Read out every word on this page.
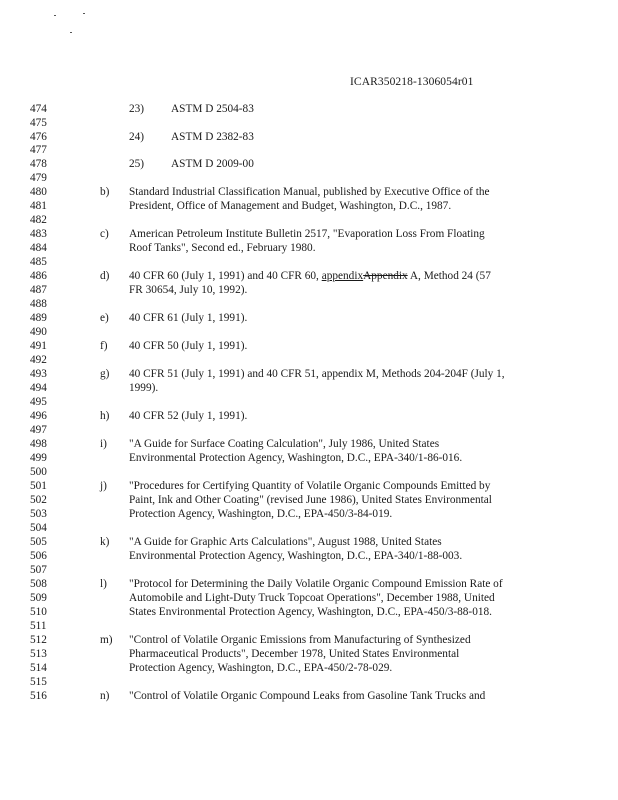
ICAR350218-1306054r01
474
475
476
477
478
479
480
481
482
483
484
485
486
487
488
489
490
491
492
493
494
495
496
497
498
499
500
501
502
503
504
505
506
507
508
509
510
511
512
513
514
515
516
23) ASTM D 2504-83
24) ASTM D 2382-83
25) ASTM D 2009-00
b) Standard Industrial Classification Manual, published by Executive Office of the
President, Office of Management and Budget, Washington, D.C., 1987.
c) American Petroleum Institute Bulletin 2517, "Evaporation Loss From Floating
Roof Tanks", Second ed., February 1980.
d) 40 CFR 60 (July 1, 1991) and 40 CFR 60, appendixAppendix A, Method 24 (57
FR 30654, July 10, 1992).
e) 40 CFR 61 (July 1, 1991).
f) 40 CFR 50 (July 1, 1991).
g) 40 CFR 51 (July 1, 1991) and 40 CFR 51, appendix M, Methods 204-204F (July 1,
1999).
h) 40 CFR 52 (July 1, 1991).
i) "A Guide for Surface Coating Calculation", July 1986, United States
Environmental Protection Agency, Washington, D.C., EPA-340/1-86-016.
j) "Procedures for Certifying Quantity of Volatile Organic Compounds Emitted by
Paint, Ink and Other Coating" (revised June 1986), United States Environmental
Protection Agency, Washington, D.C., EPA-450/3-84-019.
k) "A Guide for Graphic Arts Calculations", August 1988, United States
Environmental Protection Agency, Washington, D.C., EPA-340/1-88-003.
l) "Protocol for Determining the Daily Volatile Organic Compound Emission Rate of
Automobile and Light-Duty Truck Topcoat Operations", December 1988, United
States Environmental Protection Agency, Washington, D.C., EPA-450/3-88-018.
m) "Control of Volatile Organic Emissions from Manufacturing of Synthesized
Pharmaceutical Products", December 1978, United States Environmental
Protection Agency, Washington, D.C., EPA-450/2-78-029.
n) "Control of Volatile Organic Compound Leaks from Gasoline Tank Trucks and
